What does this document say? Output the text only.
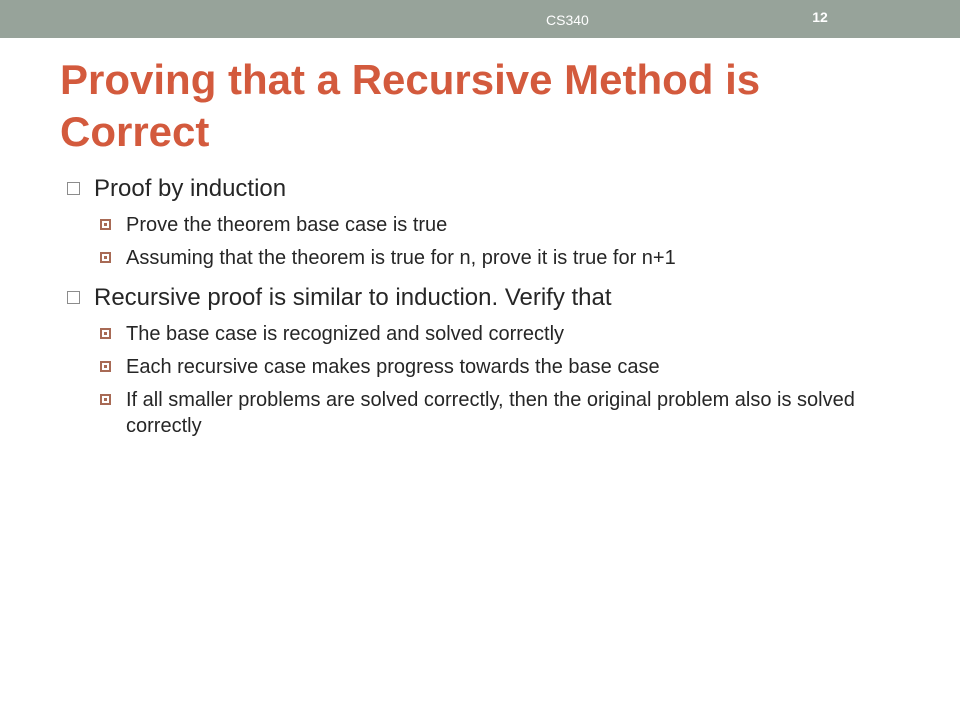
CS340	12
Proving that a Recursive Method is Correct
Proof by induction
Prove the theorem base case is true
Assuming that the theorem is true for n, prove it is true for n+1
Recursive proof is similar to induction. Verify that
The base case is recognized and solved correctly
Each recursive case makes progress towards the base case
If all smaller problems are solved correctly, then the original problem also is solved correctly
